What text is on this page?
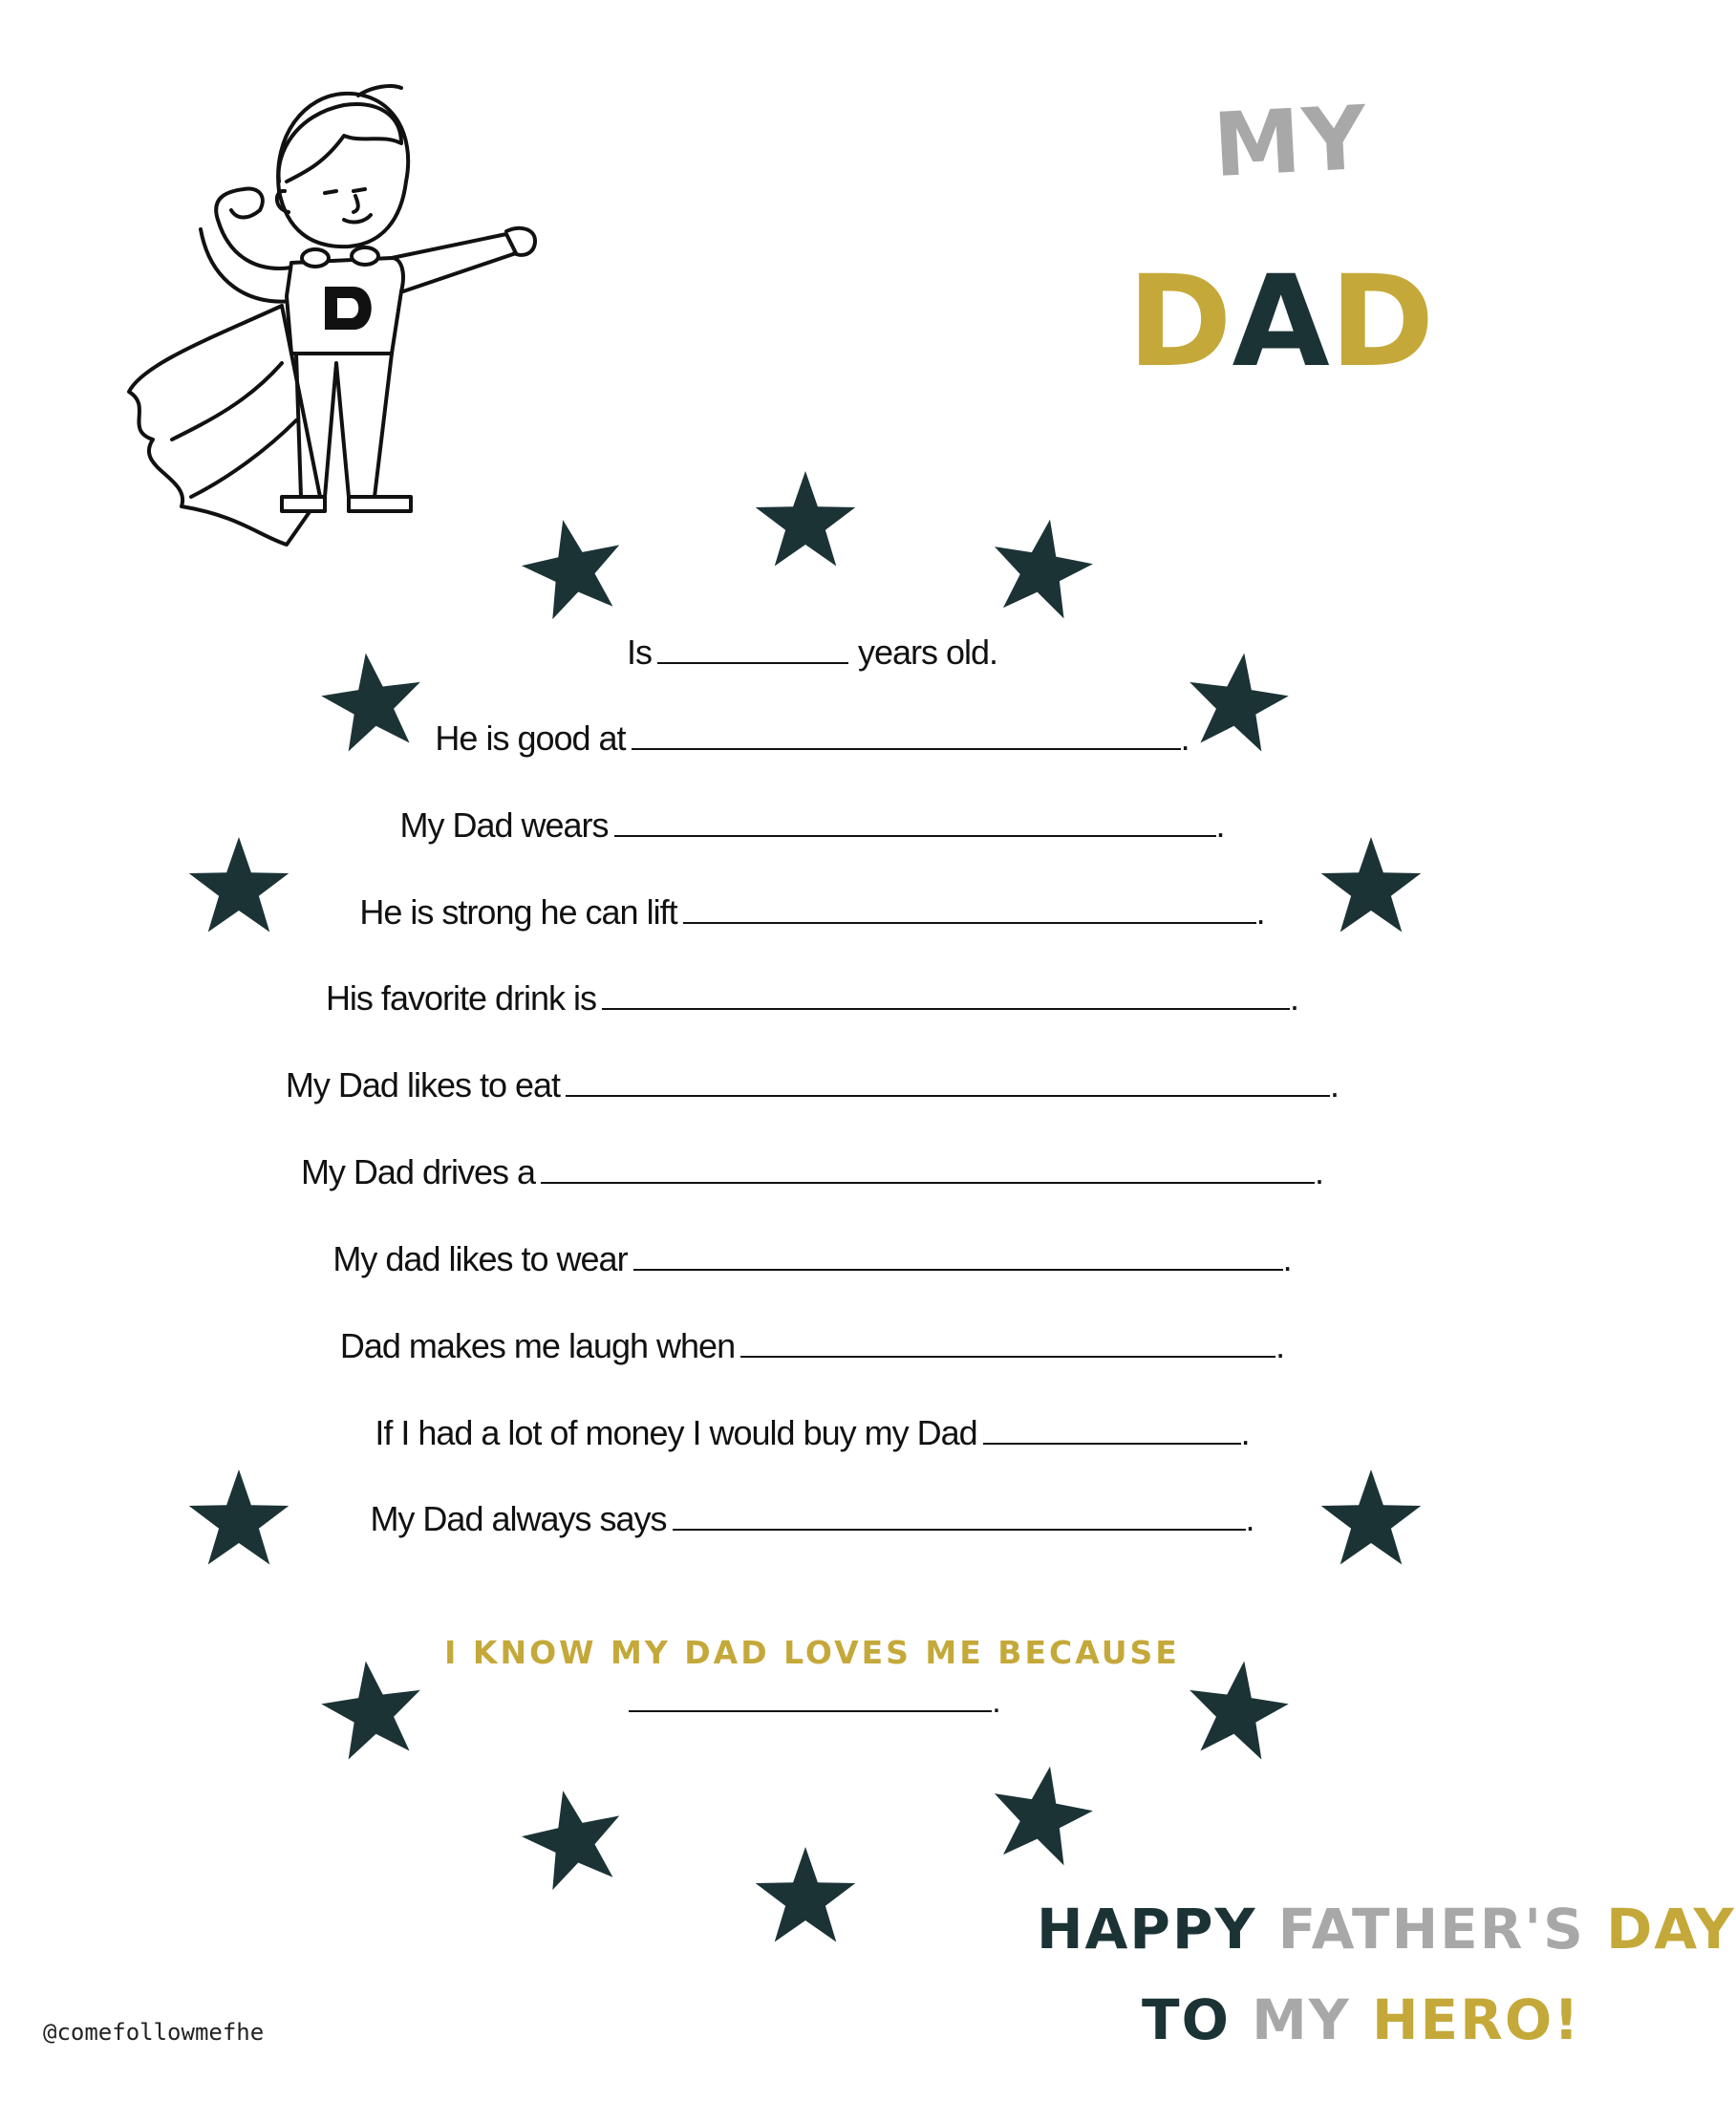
MY
DAD
Is	years old.
He is good at	.
My Dad wears	.
He is strong he can lift	.
His favorite drink is	.
My Dad likes to eat	.
My Dad drives a	.
My dad likes to wear	.
Dad makes me laugh when	.
If I had a lot of money I would buy my Dad	.
My Dad always says	.
I KNOW MY DAD LOVES ME BECAUSE
.
HAPPY FATHER'S DAY
TO MY HERO!
@comefollowmefhe
